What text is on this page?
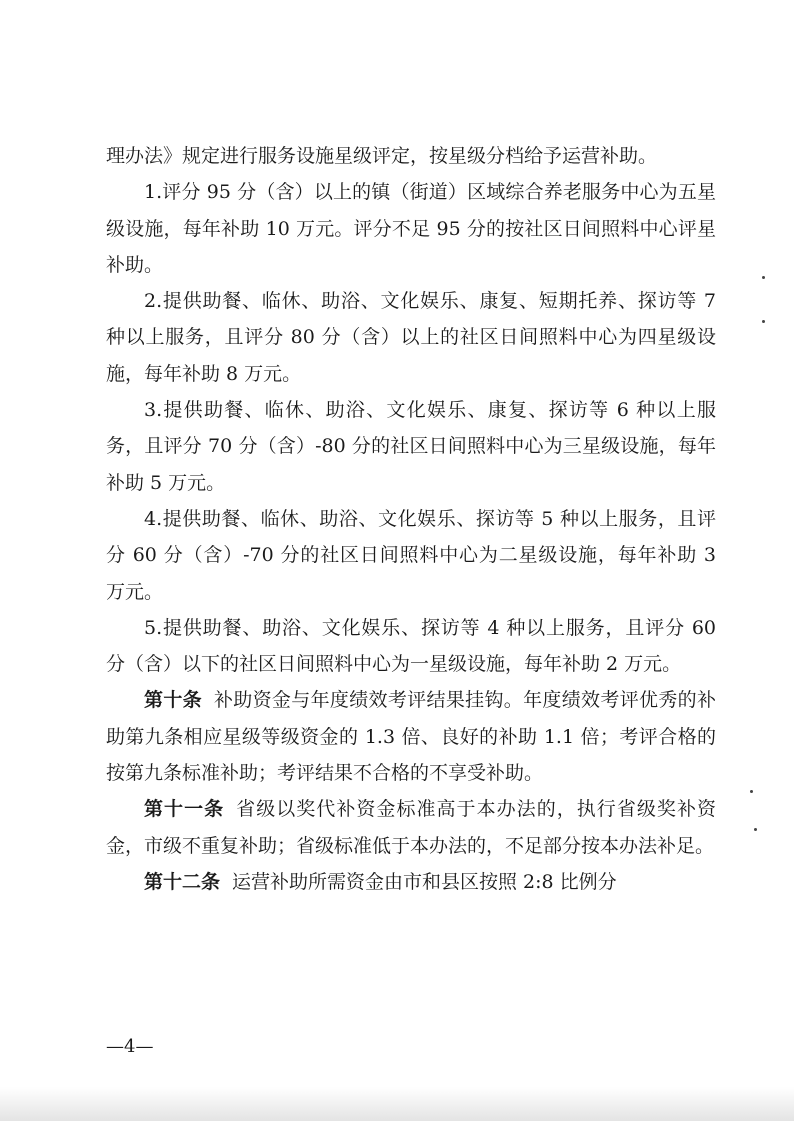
理办法》规定进行服务设施星级评定，按星级分档给予运营补助。

1.评分 95 分（含）以上的镇（街道）区域综合养老服务中心为五星级设施，每年补助 10 万元。评分不足 95 分的按社区日间照料中心评星补助。

2.提供助餐、临休、助浴、文化娱乐、康复、短期托养、探访等 7 种以上服务，且评分 80 分（含）以上的社区日间照料中心为四星级设施，每年补助 8 万元。

3.提供助餐、临休、助浴、文化娱乐、康复、探访等 6 种以上服务，且评分 70 分（含）-80 分的社区日间照料中心为三星级设施，每年补助 5 万元。

4.提供助餐、临休、助浴、文化娱乐、探访等 5 种以上服务，且评分 60 分（含）-70 分的社区日间照料中心为二星级设施，每年补助 3 万元。

5.提供助餐、助浴、文化娱乐、探访等 4 种以上服务，且评分 60 分（含）以下的社区日间照料中心为一星级设施，每年补助 2 万元。

第十条 补助资金与年度绩效考评结果挂钩。年度绩效考评优秀的补助第九条相应星级等级资金的 1.3 倍、良好的补助 1.1 倍；考评合格的按第九条标准补助；考评结果不合格的不享受补助。

第十一条 省级以奖代补资金标准高于本办法的，执行省级奖补资金，市级不重复补助；省级标准低于本办法的，不足部分按本办法补足。

第十二条 运营补助所需资金由市和县区按照 2:8 比例分

—4—
